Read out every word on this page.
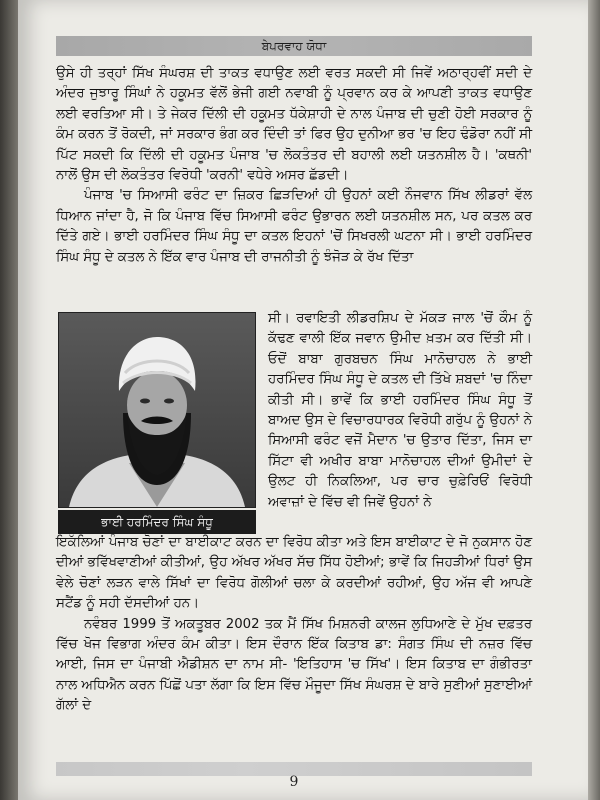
ਬੇਪਰਵਾਹ ਯੋਧਾ

ਉਸੇ ਹੀ ਤਰ੍ਹਾਂ ਸਿੱਖ ਸੰਘਰਸ਼ ਦੀ ਤਾਕਤ ਵਧਾਉਣ ਲਈ ਵਰਤ ਸਕਦੀ ਸੀ ਜਿਵੇਂ ਅਠਾਰ੍ਹਵੀਂ ਸਦੀ ਦੇ ਅੰਦਰ ਜੁਝਾਰੂ ਸਿੰਘਾਂ ਨੇ ਹਕੂਮਤ ਵੱਲੋਂ ਭੇਜੀ ਗਈ ਨਵਾਬੀ ਨੂੰ ਪ੍ਰਵਾਨ ਕਰ ਕੇ ਆਪਣੀ ਤਾਕਤ ਵਧਾਉਣ ਲਈ ਵਰਤਿਆ ਸੀ। ਤੇ ਜੇਕਰ ਦਿੱਲੀ ਦੀ ਹਕੂਮਤ ਧੱਕੇਸ਼ਾਹੀ ਦੇ ਨਾਲ ਪੰਜਾਬ ਦੀ ਚੁਣੀ ਹੋਈ ਸਰਕਾਰ ਨੂੰ ਕੰਮ ਕਰਨ ਤੋਂ ਰੋਕਦੀ, ਜਾਂ ਸਰਕਾਰ ਭੰਗ ਕਰ ਦਿੰਦੀ ਤਾਂ ਫਿਰ ਉਹ ਦੁਨੀਆ ਭਰ 'ਚ ਇਹ ਢੰਡੋਰਾ ਨਹੀਂ ਸੀ ਪਿੱਟ ਸਕਦੀ ਕਿ ਦਿੱਲੀ ਦੀ ਹਕੂਮਤ ਪੰਜਾਬ 'ਚ ਲੋਕਤੰਤਰ ਦੀ ਬਹਾਲੀ ਲਈ ਯਤਨਸ਼ੀਲ ਹੈ। 'ਕਥਨੀ' ਨਾਲੋਂ ਉਸ ਦੀ ਲੋਕਤੰਤਰ ਵਿਰੋਧੀ 'ਕਰਨੀ' ਵਧੇਰੇ ਅਸਰ ਛੱਡਦੀ।

ਪੰਜਾਬ 'ਚ ਸਿਆਸੀ ਫਰੰਟ ਦਾ ਜ਼ਿਕਰ ਛਿੜਦਿਆਂ ਹੀ ਉਹਨਾਂ ਕਈ ਨੌਜਵਾਨ ਸਿੱਖ ਲੀਡਰਾਂ ਵੱਲ ਧਿਆਨ ਜਾਂਦਾ ਹੈ, ਜੋ ਕਿ ਪੰਜਾਬ ਵਿੱਚ ਸਿਆਸੀ ਫਰੰਟ ਉਭਾਰਨ ਲਈ ਯਤਨਸ਼ੀਲ ਸਨ, ਪਰ ਕਤਲ ਕਰ ਦਿੱਤੇ ਗਏ। ਭਾਈ ਹਰਮਿੰਦਰ ਸਿੰਘ ਸੰਧੂ ਦਾ ਕਤਲ ਇਹਨਾਂ 'ਚੋਂ ਸਿਖਰਲੀ ਘਟਨਾ ਸੀ। ਭਾਈ ਹਰਮਿੰਦਰ ਸਿੰਘ ਸੰਧੂ ਦੇ ਕਤਲ ਨੇ ਇੱਕ ਵਾਰ ਪੰਜਾਬ ਦੀ ਰਾਜਨੀਤੀ ਨੂੰ ਝੰਜੋੜ ਕੇ ਰੱਖ ਦਿੱਤਾ

ਭਾਈ ਹਰਮਿੰਦਰ ਸਿੰਘ ਸੰਧੂ

ਸੀ। ਰਵਾਇਤੀ ਲੀਡਰਸ਼ਿਪ ਦੇ ਮੱਕੜ ਜਾਲ 'ਚੋਂ ਕੌਮ ਨੂੰ ਕੱਢਣ ਵਾਲੀ ਇੱਕ ਜਵਾਨ ਉਮੀਦ ਖ਼ਤਮ ਕਰ ਦਿੱਤੀ ਸੀ। ਓਦੋਂ ਬਾਬਾ ਗੁਰਬਚਨ ਸਿੰਘ ਮਾਨੋਚਾਹਲ ਨੇ ਭਾਈ ਹਰਮਿੰਦਰ ਸਿੰਘ ਸੰਧੂ ਦੇ ਕਤਲ ਦੀ ਤਿੱਖੇ ਸ਼ਬਦਾਂ 'ਚ ਨਿੰਦਾ ਕੀਤੀ ਸੀ। ਭਾਵੇਂ ਕਿ ਭਾਈ ਹਰਮਿੰਦਰ ਸਿੰਘ ਸੰਧੂ ਤੋਂ ਬਾਅਦ ਉਸ ਦੇ ਵਿਚਾਰਧਾਰਕ ਵਿਰੋਧੀ ਗਰੁੱਪ ਨੂੰ ਉਹਨਾਂ ਨੇ ਸਿਆਸੀ ਫਰੰਟ ਵਜੋਂ ਮੈਦਾਨ 'ਚ ਉਤਾਰ ਦਿੱਤਾ, ਜਿਸ ਦਾ ਸਿੱਟਾ ਵੀ ਅਖੀਰ ਬਾਬਾ ਮਾਨੋਚਾਹਲ ਦੀਆਂ ਉਮੀਦਾਂ ਦੇ ਉਲਟ ਹੀ ਨਿਕਲਿਆ, ਪਰ ਚਾਰ ਚੁਫ਼ੇਰਿਓਂ ਵਿਰੋਧੀ ਅਵਾਜ਼ਾਂ ਦੇ ਵਿੱਚ ਵੀ ਜਿਵੇਂ ਉਹਨਾਂ ਨੇ

ਇਕੱਲਿਆਂ ਪੰਜਾਬ ਚੋਣਾਂ ਦਾ ਬਾਈਕਾਟ ਕਰਨ ਦਾ ਵਿਰੋਧ ਕੀਤਾ ਅਤੇ ਇਸ ਬਾਈਕਾਟ ਦੇ ਜੋ ਨੁਕਸਾਨ ਹੋਣ ਦੀਆਂ ਭਵਿੱਖਵਾਣੀਆਂ ਕੀਤੀਆਂ, ਉਹ ਅੱਖਰ ਅੱਖਰ ਸੱਚ ਸਿੱਧ ਹੋਈਆਂ; ਭਾਵੇਂ ਕਿ ਜਿਹੜੀਆਂ ਧਿਰਾਂ ਉਸ ਵੇਲੇ ਚੋਣਾਂ ਲੜਨ ਵਾਲੇ ਸਿੱਖਾਂ ਦਾ ਵਿਰੋਧ ਗੋਲੀਆਂ ਚਲਾ ਕੇ ਕਰਦੀਆਂ ਰਹੀਆਂ, ਉਹ ਅੱਜ ਵੀ ਆਪਣੇ ਸਟੈਂਡ ਨੂੰ ਸਹੀ ਦੱਸਦੀਆਂ ਹਨ।

ਨਵੰਬਰ 1999 ਤੋਂ ਅਕਤੂਬਰ 2002 ਤਕ ਮੈਂ ਸਿੱਖ ਮਿਸ਼ਨਰੀ ਕਾਲਜ ਲੁਧਿਆਣੇ ਦੇ ਮੁੱਖ ਦਫ਼ਤਰ ਵਿੱਚ ਖੋਜ ਵਿਭਾਗ ਅੰਦਰ ਕੰਮ ਕੀਤਾ। ਇਸ ਦੌਰਾਨ ਇੱਕ ਕਿਤਾਬ ਡਾ: ਸੰਗਤ ਸਿੰਘ ਦੀ ਨਜ਼ਰ ਵਿੱਚ ਆਈ, ਜਿਸ ਦਾ ਪੰਜਾਬੀ ਐਡੀਸ਼ਨ ਦਾ ਨਾਮ ਸੀ- 'ਇਤਿਹਾਸ 'ਚ ਸਿੱਖ'। ਇਸ ਕਿਤਾਬ ਦਾ ਗੰਭੀਰਤਾ ਨਾਲ ਅਧਿਐਨ ਕਰਨ ਪਿੱਛੋਂ ਪਤਾ ਲੱਗਾ ਕਿ ਇਸ ਵਿੱਚ ਮੌਜੂਦਾ ਸਿੱਖ ਸੰਘਰਸ਼ ਦੇ ਬਾਰੇ ਸੁਣੀਆਂ ਸੁਣਾਈਆਂ ਗੱਲਾਂ ਦੇ

9
